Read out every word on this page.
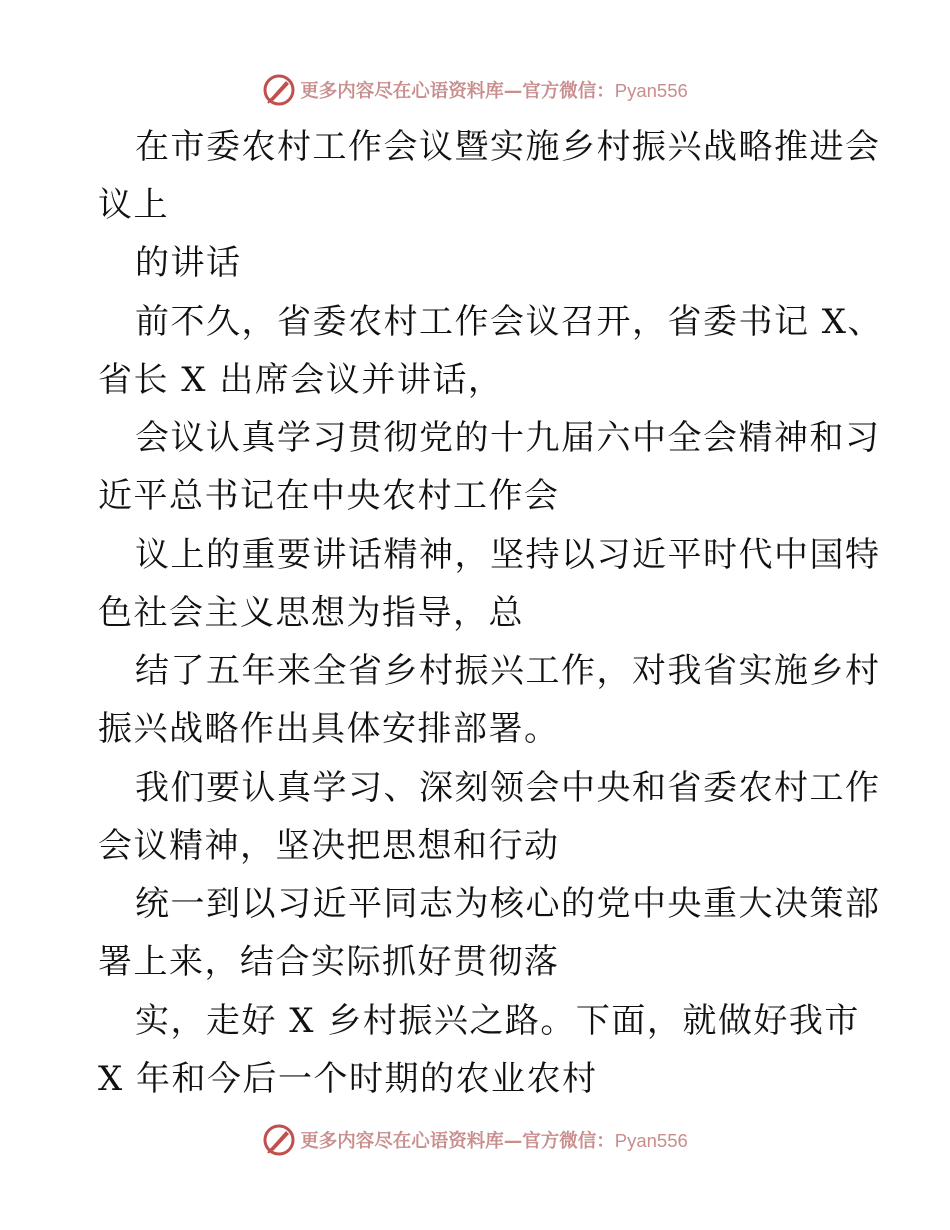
更多内容尽在心语资料库—官方微信：Pyan556
在市委农村工作会议暨实施乡村振兴战略推进会
议上
的讲话
前不久，省委农村工作会议召开，省委书记 X、
省长 X 出席会议并讲话，
会议认真学习贯彻党的十九届六中全会精神和习
近平总书记在中央农村工作会
议上的重要讲话精神，坚持以习近平时代中国特
色社会主义思想为指导，总
结了五年来全省乡村振兴工作，对我省实施乡村
振兴战略作出具体安排部署。
我们要认真学习、深刻领会中央和省委农村工作
会议精神，坚决把思想和行动
统一到以习近平同志为核心的党中央重大决策部
署上来，结合实际抓好贯彻落
实，走好 X 乡村振兴之路。下面，就做好我市
X 年和今后一个时期的农业农村
更多内容尽在心语资料库—官方微信：Pyan556
